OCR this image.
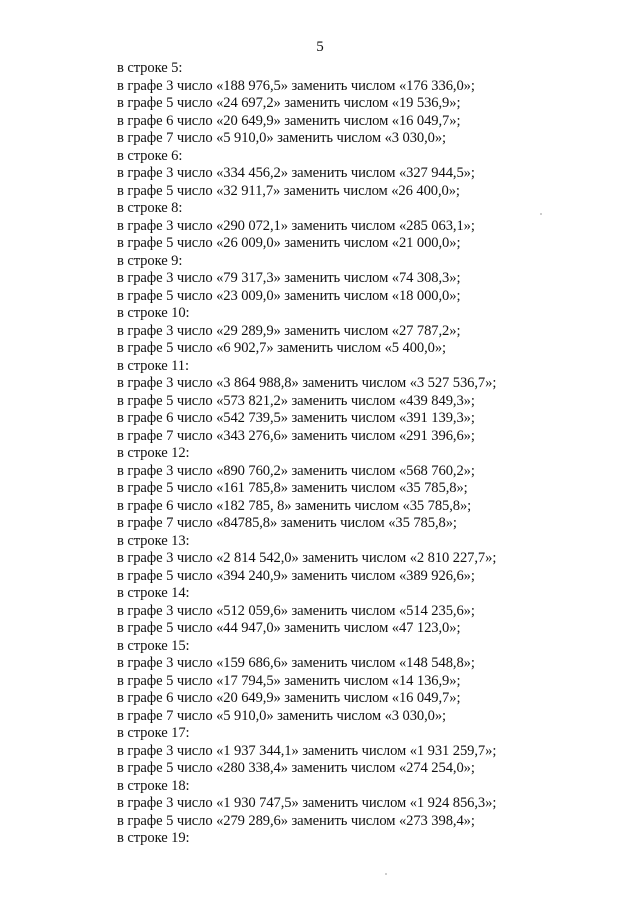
5
в строке 5:
в графе 3 число «188 976,5» заменить числом «176 336,0»;
в графе 5 число «24 697,2» заменить числом «19 536,9»;
в графе 6 число «20 649,9» заменить числом «16 049,7»;
в графе 7 число «5 910,0» заменить числом «3 030,0»;
в строке 6:
в графе 3 число «334 456,2» заменить числом «327 944,5»;
в графе 5 число «32 911,7» заменить числом «26 400,0»;
в строке 8:
в графе 3 число «290 072,1» заменить числом «285 063,1»;
в графе 5 число «26 009,0» заменить числом «21 000,0»;
в строке 9:
в графе 3 число «79 317,3» заменить числом «74 308,3»;
в графе 5 число «23 009,0» заменить числом «18 000,0»;
в строке 10:
в графе 3 число «29 289,9» заменить числом «27 787,2»;
в графе 5 число «6 902,7» заменить числом «5 400,0»;
в строке 11:
в графе 3 число «3 864 988,8» заменить числом «3 527 536,7»;
в графе 5 число «573 821,2» заменить числом «439 849,3»;
в графе 6 число «542 739,5» заменить числом «391 139,3»;
в графе 7 число «343 276,6» заменить числом «291 396,6»;
в строке 12:
в графе 3 число «890 760,2» заменить числом «568 760,2»;
в графе 5 число «161 785,8» заменить числом «35 785,8»;
в графе 6 число «182 785, 8» заменить числом «35 785,8»;
в графе 7 число «84785,8» заменить числом «35 785,8»;
в строке 13:
в графе 3 число «2 814 542,0» заменить числом «2 810 227,7»;
в графе 5 число «394 240,9» заменить числом «389 926,6»;
в строке 14:
в графе 3 число «512 059,6» заменить числом «514 235,6»;
в графе 5 число «44 947,0» заменить числом «47 123,0»;
в строке 15:
в графе 3 число «159 686,6» заменить числом «148 548,8»;
в графе 5 число «17 794,5» заменить числом «14 136,9»;
в графе 6 число «20 649,9» заменить числом «16 049,7»;
в графе 7 число «5 910,0» заменить числом «3 030,0»;
в строке 17:
в графе 3 число «1 937 344,1» заменить числом «1 931 259,7»;
в графе 5 число «280 338,4» заменить числом «274 254,0»;
в строке 18:
в графе 3 число «1 930 747,5» заменить числом «1 924 856,3»;
в графе 5 число «279 289,6» заменить числом «273 398,4»;
в строке 19:
